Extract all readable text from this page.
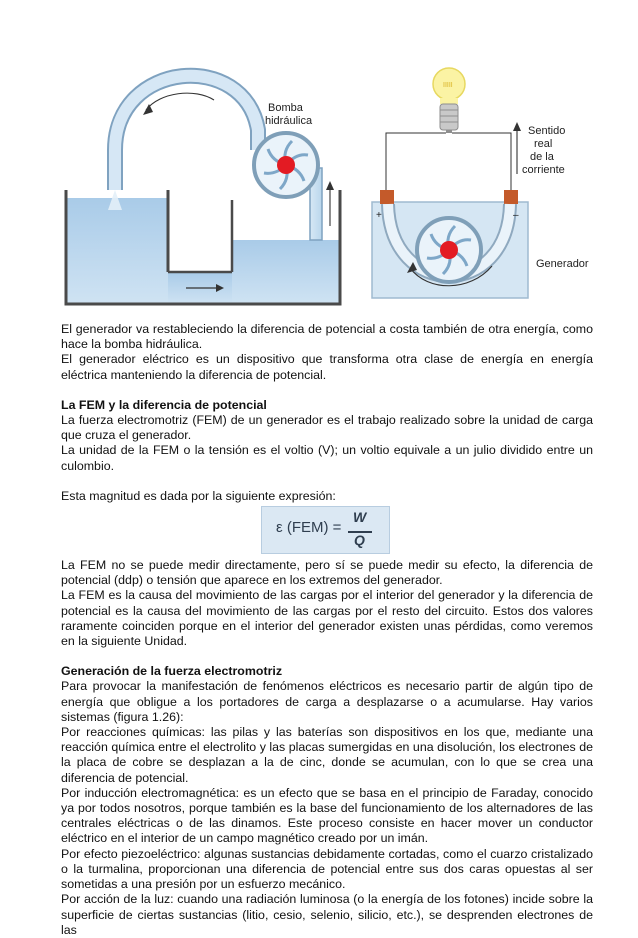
Bomba
hidráulica
IIIII
Sentido
real
de la
corriente
+	–
Generador

El generador va restableciendo la diferencia de potencial a costa también de otra energía, como hace la bomba hidráulica.

El generador eléctrico es un dispositivo que transforma otra clase de energía en energía eléctrica manteniendo la diferencia de potencial.

La FEM y la diferencia de potencial

La fuerza electromotriz (FEM) de un generador es el trabajo realizado sobre la unidad de carga que cruza el generador.

La unidad de la FEM o la tensión es el voltio (V); un voltio equivale a un julio dividido entre un culombio.

Esta magnitud es dada por la siguiente expresión:

ε (FEM) =
W
Q

La FEM no se puede medir directamente, pero sí se puede medir su efecto, la diferencia de potencial (ddp) o tensión que aparece en los extremos del generador.

La FEM es la causa del movimiento de las cargas por el interior del generador y la diferencia de potencial es la causa del movimiento de las cargas por el resto del circuito. Estos dos valores raramente coinciden porque en el interior del generador existen unas pérdidas, como veremos en la siguiente Unidad.

Generación de la fuerza electromotriz

Para provocar la manifestación de fenómenos eléctricos es necesario partir de algún tipo de energía que obligue a los portadores de carga a desplazarse o a acumularse. Hay varios sistemas (figura 1.26):

Por reacciones químicas: las pilas y las baterías son dispositivos en los que, mediante una reacción química entre el electrolito y las placas sumergidas en una disolución, los electrones de la placa de cobre se desplazan a la de cinc, donde se acumulan, con lo que se crea una diferencia de potencial.

Por inducción electromagnética: es un efecto que se basa en el principio de Faraday, conocido ya por todos nosotros, porque también es la base del funcionamiento de los alternadores de las centrales eléctricas o de las dinamos. Este proceso consiste en hacer mover un conductor eléctrico en el interior de un campo magnético creado por un imán.

Por efecto piezoeléctrico: algunas sustancias debidamente cortadas, como el cuarzo cristalizado o la turmalina, proporcionan una diferencia de potencial entre sus dos caras opuestas al ser sometidas a una presión por un esfuerzo mecánico.

Por acción de la luz: cuando una radiación luminosa (o la energía de los fotones) incide sobre la superficie de ciertas sustancias (litio, cesio, selenio, silicio, etc.), se desprenden electrones de las
